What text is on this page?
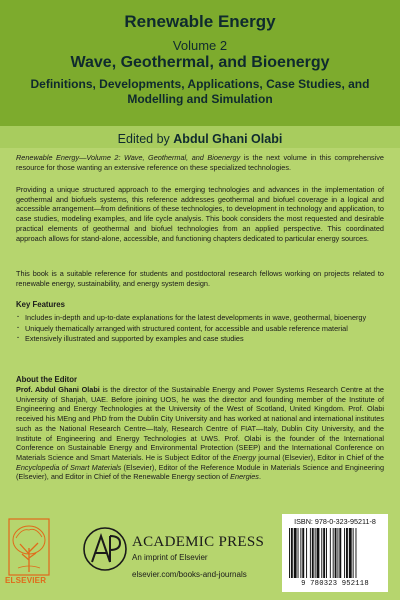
Renewable Energy
Volume 2
Wave, Geothermal, and Bioenergy
Definitions, Developments, Applications, Case Studies, and Modelling and Simulation
Edited by Abdul Ghani Olabi
Renewable Energy—Volume 2: Wave, Geothermal, and Bioenergy is the next volume in this comprehensive resource for those wanting an extensive reference on these specialized technologies.
Providing a unique structured approach to the emerging technologies and advances in the implementation of geothermal and biofuels systems, this reference addresses geothermal and biofuel coverage in a logical and accessible arrangement—from definitions of these technologies, to development in technology and application, to case studies, modeling examples, and life cycle analysis. This book considers the most requested and desirable practical elements of geothermal and biofuel technologies from an applied perspective. This coordinated approach allows for stand-alone, accessible, and functioning chapters dedicated to particular energy sources.
This book is a suitable reference for students and postdoctoral research fellows working on projects related to renewable energy, sustainability, and energy system design.
Key Features
· Includes in-depth and up-to-date explanations for the latest developments in wave, geothermal, bioenergy
· Uniquely thematically arranged with structured content, for accessible and usable reference material
· Extensively illustrated and supported by examples and case studies
About the Editor
Prof. Abdul Ghani Olabi is the director of the Sustainable Energy and Power Systems Research Centre at the University of Sharjah, UAE. Before joining UOS, he was the director and founding member of the Institute of Engineering and Energy Technologies at the University of the West of Scotland, United Kingdom. Prof. Olabi received his MEng and PhD from the Dublin City University and has worked at national and international institutes such as the National Research Centre—Italy, Research Centre of FIAT—Italy, Dublin City University, and the Institute of Engineering and Energy Technologies at UWS. Prof. Olabi is the founder of the International Conference on Sustainable Energy and Environmental Protection (SEEP) and the International Conference on Materials Science and Smart Materials. He is Subject Editor of the Energy journal (Elsevier), Editor in Chief of the Encyclopedia of Smart Materials (Elsevier), Editor of the Reference Module in Materials Science and Engineering (Elsevier), and Editor in Chief of the Renewable Energy section of Energies.
ELSEVIER
ACADEMIC PRESS
An imprint of Elsevier
elsevier.com/books-and-journals
ISBN: 978-0-323-95211-8
9 780323 952118
